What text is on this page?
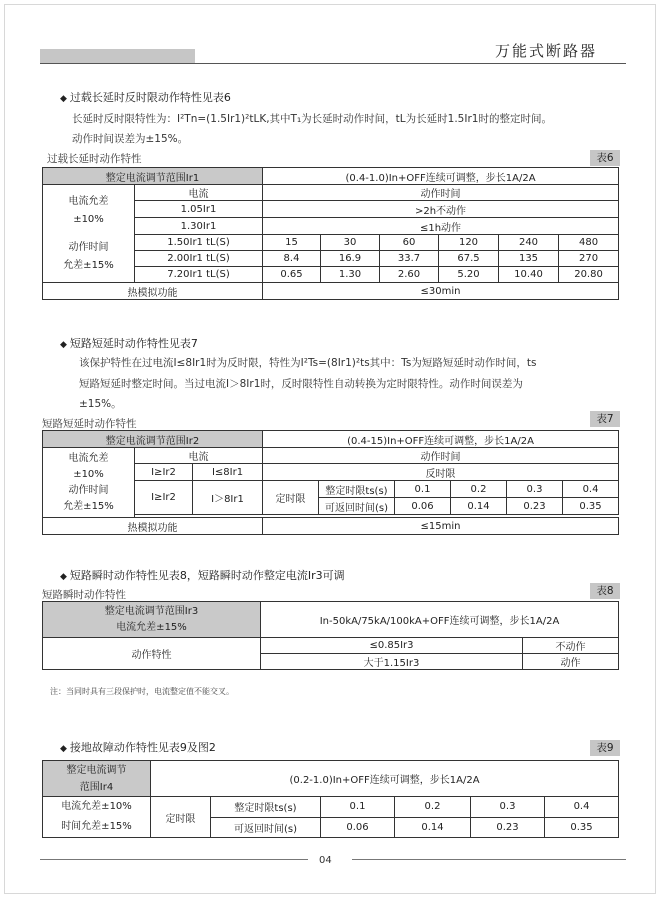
万能式断路器
◆ 过载长延时反时限动作特性见表6
长延时反时限特性为：I²Tn=(1.5Ir1)²tLK,其中T₁为长延时动作时间，tL为长延时1.5Ir1时的整定时间。
动作时间误差为±15%。
过载长延时动作特性	表6
整定电流调节范围Ir1		(0.4-1.0)In+OFF连续可调整，步长1A/2A					

电流允差
±10%
动作时间
允差±15%	电流	动作时间					
	1.05Ir1	>2h不动作					
	1.30Ir1	≤1h动作					
	1.50Ir1 tL(S)	15	30	60	120	240	480
	2.00Ir1 tL(S)	8.4	16.9	33.7	67.5	135	270
	7.20Ir1 tL(S)	0.65	1.30	2.60	5.20	10.40	20.80
热模拟功能		≤30min					
◆ 短路短延时动作特性见表7
该保护特性在过电流I≤8Ir1时为反时限，特性为I²Ts=(8Ir1)²ts其中：Ts为短路短延时动作时间，ts
短路短延时整定时间。当过电流I＞8Ir1时，反时限特性自动转换为定时限特性。动作时间误差为
±15%。
短路短延时动作特性	表7
整定电流调节范围Ir2			(0.4-15)In+OFF连续可调整，步长1A/2A					

电流允差
±10%
动作时间
允差±15%	电流		动作时间					
	I≥Ir2	I≤8Ir1	反时限					
	I≥Ir2	I＞8Ir1	定时限	整定时限ts(s)	0.1	0.2	0.3	0.4
				可返回时间(s)	0.06	0.14	0.23	0.35

热模拟功能			≤15min					
◆ 短路瞬时动作特性见表8，短路瞬时动作整定电流Ir3可调
短路瞬时动作特性	表8
整定电流调节范围Ir3
电流允差±15%	In-50kA/75kA/100kA+OFF连续可调整，步长1A/2A	
动作特性	≤0.85Ir3	不动作
	大于1.15Ir3	动作
注：当同时具有三段保护时，电流整定值不能交叉。
◆ 接地故障动作特性见表9及图2	表9
整定电流调节
范围Ir4	(0.2-1.0)In+OFF连续可调整，步长1A/2A					

电流允差±10%
时间允差±15%	定时限	整定时限ts(s)	0.1	0.2	0.3	0.4
		可返回时间(s)	0.06	0.14	0.23	0.35
04
